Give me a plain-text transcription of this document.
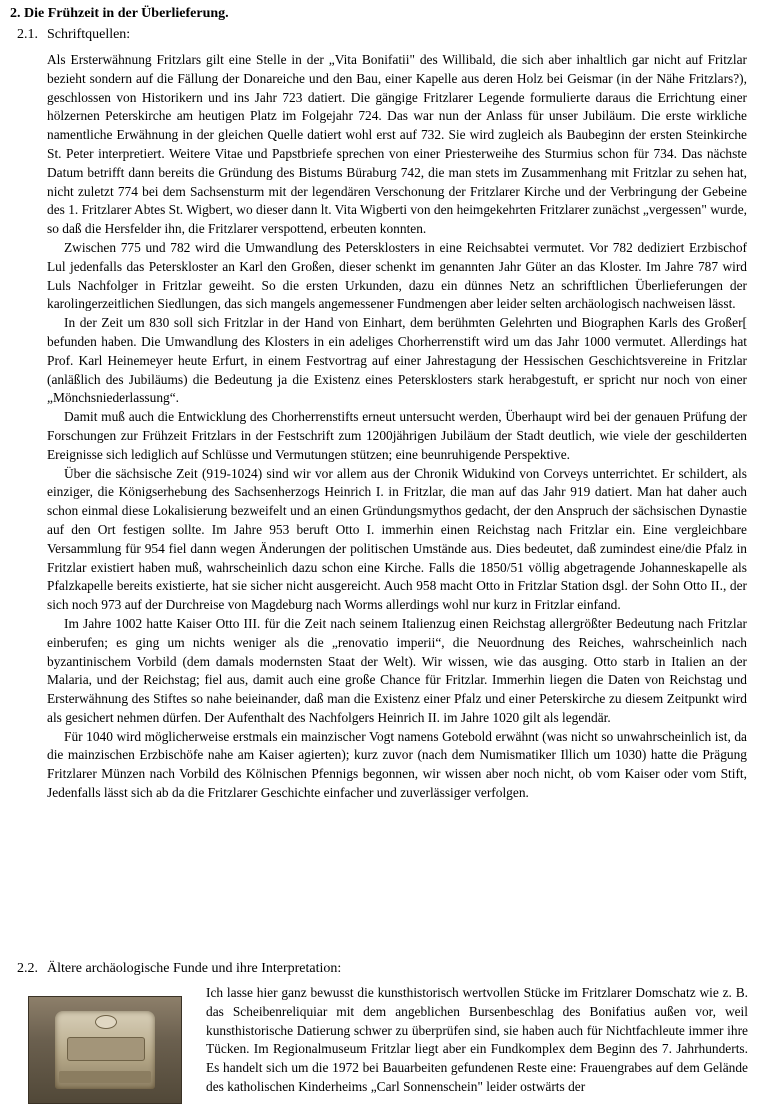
2. Die Frühzeit in der Überlieferung.
2.1. Schriftquellen:

Als Ersterwähnung Fritzlars gilt eine Stelle in der „Vita Bonifatii" des Willibald, die sich aber inhaltlich gar nicht auf Fritzlar bezieht sondern auf die Fällung der Donareiche und den Bau, einer Kapelle aus deren Holz bei Geismar (in der Nähe Fritzlars?), geschlossen von Historikern und ins Jahr 723 datiert. Die gängige Fritzlarer Legende formulierte daraus die Errichtung einer hölzernen Peterskirche am heutigen Platz im Folgejahr 724. Das war nun der Anlass für unser Jubiläum. Die erste wirkliche namentliche Erwähnung in der gleichen Quelle datiert wohl erst auf 732. Sie wird zugleich als Baubeginn der ersten Steinkirche St. Peter interpretiert. Weitere Vitae und Papstbriefe sprechen von einer Priesterweihe des Sturmius schon für 734. Das nächste Datum betrifft dann bereits die Gründung des Bistums Büraburg 742, die man stets im Zusammenhang mit Fritzlar zu sehen hat, nicht zuletzt 774 bei dem Sachsensturm mit der legendären Verschonung der Fritzlarer Kirche und der Verbringung der Gebeine des 1. Fritzlarer Abtes St. Wigbert, wo dieser dann lt. Vita Wigberti von den heimgekehrten Fritzlarer zunächst „vergessen" wurde, so daß die Hersfelder ihn, die Fritzlarer verspottend, erbeuten konnten.

Zwischen 775 und 782 wird die Umwandlung des Petersklosters in eine Reichsabtei vermutet. Vor 782 dediziert Erzbischof Lul jedenfalls das Peterskloster an Karl den Großen, dieser schenkt im genannten Jahr Güter an das Kloster. Im Jahre 787 wird Luls Nachfolger in Fritzlar geweiht. So die ersten Urkunden, dazu ein dünnes Netz an schriftlichen Überlieferungen der karolingerzeitlichen Siedlungen, das sich mangels angemessener Fundmengen aber leider selten archäologisch nachweisen lässt.

In der Zeit um 830 soll sich Fritzlar in der Hand von Einhart, dem berühmten Gelehrten und Biographen Karls des Großer[ befunden haben. Die Umwandlung des Klosters in ein adeliges Chorherrenstift wird um das Jahr 1000 vermutet. Allerdings hat Prof. Karl Heinemeyer heute Erfurt, in einem Festvortrag auf einer Jahrestagung der Hessischen Geschichtsvereine in Fritzlar (anläßlich des Jubiläums) die Bedeutung ja die Existenz eines Petersklosters stark herabgestuft, er spricht nur noch von einer „Mönchsniederlassung“.

Damit muß auch die Entwicklung des Chorherrenstifts erneut untersucht werden, Überhaupt wird bei der genauen Prüfung der Forschungen zur Frühzeit Fritzlars in der Festschrift zum 1200jährigen Jubiläum der Stadt deutlich, wie viele der geschilderten Ereignisse sich lediglich auf Schlüsse und Vermutungen stützen; eine beunruhigende Perspektive.

Über die sächsische Zeit (919-1024) sind wir vor allem aus der Chronik Widukind von Corveys unterrichtet. Er schildert, als einziger, die Königserhebung des Sachsenherzogs Heinrich I. in Fritzlar, die man auf das Jahr 919 datiert. Man hat daher auch schon einmal diese Lokalisierung bezweifelt und an einen Gründungsmythos gedacht, der den Anspruch der sächsischen Dynastie auf den Ort festigen sollte. Im Jahre 953 beruft Otto I. immerhin einen Reichstag nach Fritzlar ein. Eine vergleichbare Versammlung für 954 fiel dann wegen Änderungen der politischen Umstände aus. Dies bedeutet, daß zumindest eine/die Pfalz in Fritzlar existiert haben muß, wahrscheinlich dazu schon eine Kirche. Falls die 1850/51 völlig abgetragende Johanneskapelle als Pfalzkapelle bereits existierte, hat sie sicher nicht ausgereicht. Auch 958 macht Otto in Fritzlar Station dsgl. der Sohn Otto II., der sich noch 973 auf der Durchreise von Magdeburg nach Worms allerdings wohl nur kurz in Fritzlar einfand.

Im Jahre 1002 hatte Kaiser Otto III. für die Zeit nach seinem Italienzug einen Reichstag allergrößter Bedeutung nach Fritzlar einberufen; es ging um nichts weniger als die „renovatio imperii“, die Neuordnung des Reiches, wahrscheinlich nach byzantinischem Vorbild (dem damals modernsten Staat der Welt). Wir wissen, wie das ausging. Otto starb in Italien an der Malaria, und der Reichstag; fiel aus, damit auch eine große Chance für Fritzlar. Immerhin liegen die Daten von Reichstag und Ersterwähnung des Stiftes so nahe beieinander, daß man die Existenz einer Pfalz und einer Peterskirche zu diesem Zeitpunkt wird als gesichert nehmen dürfen. Der Aufenthalt des Nachfolgers Heinrich II. im Jahre 1020 gilt als legendär.

Für 1040 wird möglicherweise erstmals ein mainzischer Vogt namens Gotebold erwähnt (was nicht so unwahrscheinlich ist, da die mainzischen Erzbischöfe nahe am Kaiser agierten); kurz zuvor (nach dem Numismatiker Illich um 1030) hatte die Prägung Fritzlarer Münzen nach Vorbild des Kölnischen Pfennigs begonnen, wir wissen aber noch nicht, ob vom Kaiser oder vom Stift, Jedenfalls lässt sich ab da die Fritzlarer Geschichte einfacher und zuverlässiger verfolgen.

2.2. Ältere archäologische Funde und ihre Interpretation:

Ich lasse hier ganz bewusst die kunsthistorisch wertvollen Stücke im Fritzlarer Domschatz wie z. B. das Scheibenreliquiar mit dem angeblichen Bursenbeschlag des Bonifatius außen vor, weil kunsthistorische Datierung schwer zu überprüfen sind, sie haben auch für Nichtfachleute immer ihre Tücken. Im Regionalmuseum Fritzlar liegt aber ein Fundkomplex dem Beginn des 7. Jahrhunderts. Es handelt sich um die 1972 bei Bauarbeiten gefundenen Reste eine: Frauengrabes auf dem Gelände des katholischen Kinderheims „Carl Sonnenschein" leider ostwärts der
